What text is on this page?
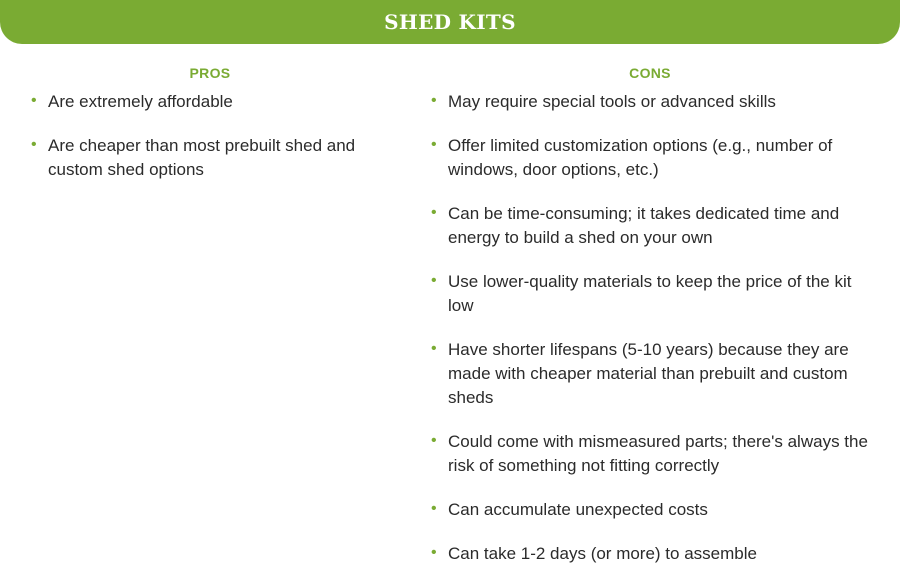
SHED KITS
PROS
• Are extremely affordable
• Are cheaper than most prebuilt shed and custom shed options
CONS
• May require special tools or advanced skills
• Offer limited customization options (e.g., number of windows, door options, etc.)
• Can be time-consuming; it takes dedicated time and energy to build a shed on your own
• Use lower-quality materials to keep the price of the kit low
• Have shorter lifespans (5-10 years) because they are made with cheaper material than prebuilt and custom sheds
• Could come with mismeasured parts; there's always the risk of something not fitting correctly
• Can accumulate unexpected costs
• Can take 1-2 days (or more) to assemble
